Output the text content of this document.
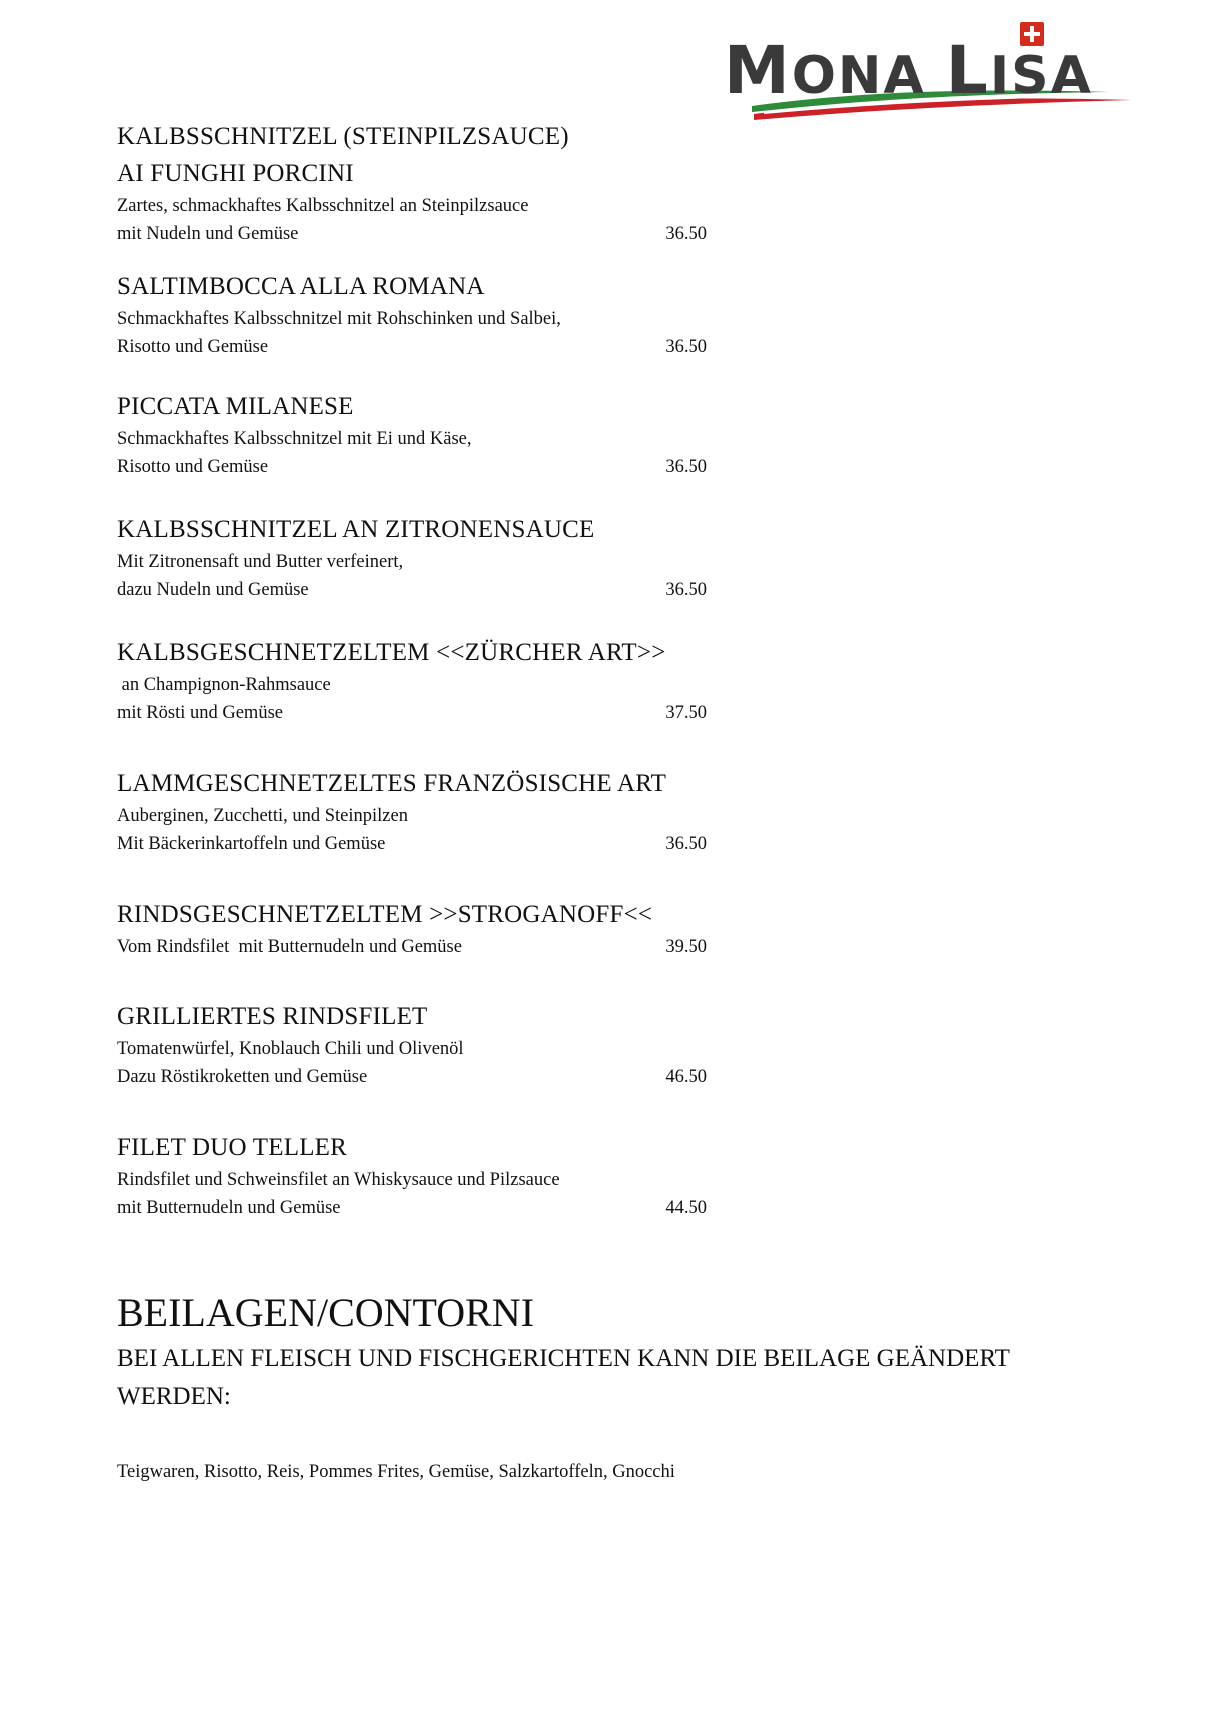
MONA LISA
KALBSSCHNITZEL (STEINPILZSAUCE)
AI FUNGHI PORCINI
Zartes, schmackhaftes Kalbsschnitzel an Steinpilzsauce
mit Nudeln und Gemüse	36.50
SALTIMBOCCA ALLA ROMANA
Schmackhaftes Kalbsschnitzel mit Rohschinken und Salbei,
Risotto und Gemüse	36.50
PICCATA MILANESE
Schmackhaftes Kalbsschnitzel mit Ei und Käse,
Risotto und Gemüse	36.50
KALBSSCHNITZEL AN ZITRONENSAUCE
Mit Zitronensaft und Butter verfeinert,
dazu Nudeln und Gemüse	36.50
KALBSGESCHNETZELTEM <<ZÜRCHER ART>>
an Champignon-Rahmsauce
mit Rösti und Gemüse	37.50
LAMMGESCHNETZELTES FRANZÖSISCHE ART
Auberginen, Zucchetti, und Steinpilzen
Mit Bäckerinkartoffeln und Gemüse	36.50
RINDSGESCHNETZELTEM >>STROGANOFF<<
Vom Rindsfilet  mit Butternudeln und Gemüse	39.50
GRILLIERTES RINDSFILET
Tomatenwürfel, Knoblauch Chili und Olivenöl
Dazu Röstikroketten und Gemüse	46.50
FILET DUO TELLER
Rindsfilet und Schweinsfilet an Whiskysauce und Pilzsauce
mit Butternudeln und Gemüse	44.50
BEILAGEN/CONTORNI
BEI ALLEN FLEISCH UND FISCHGERICHTEN KANN DIE BEILAGE GEÄNDERT WERDEN:
Teigwaren, Risotto, Reis, Pommes Frites, Gemüse, Salzkartoffeln, Gnocchi
